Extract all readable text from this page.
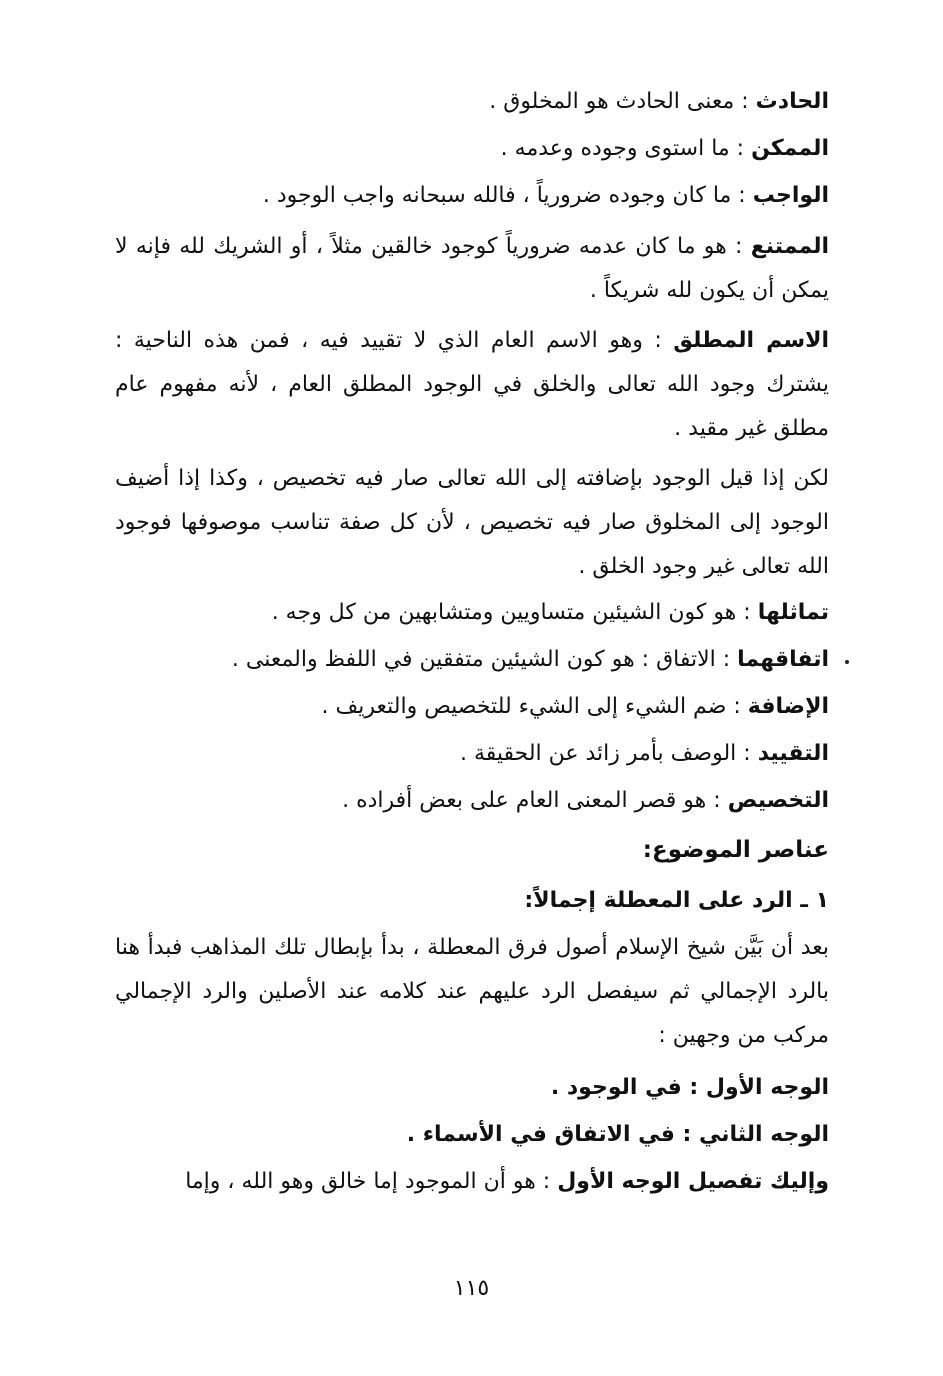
الحادث : معنى الحادث هو المخلوق .

الممكن : ما استوى وجوده وعدمه .

الواجب : ما كان وجوده ضرورياً ، فالله سبحانه واجب الوجود .

الممتنع : هو ما كان عدمه ضرورياً كوجود خالقين مثلاً ، أو الشريك لله فإنه لا يمكن أن يكون لله شريكاً .

الاسم المطلق : وهو الاسم العام الذي لا تقييد فيه ، فمن هذه الناحية : يشترك وجود الله تعالى والخلق في الوجود المطلق العام ، لأنه مفهوم عام مطلق غير مقيد .

لكن إذا قيل الوجود بإضافته إلى الله تعالى صار فيه تخصيص ، وكذا إذا أضيف الوجود إلى المخلوق صار فيه تخصيص ، لأن كل صفة تناسب موصوفها فوجود الله تعالى غير وجود الخلق .

تماثلها : هو كون الشيئين متساويين ومتشابهين من كل وجه .

اتفاقهما : الاتفاق : هو كون الشيئين متفقين في اللفظ والمعنى .

الإضافة : ضم الشيء إلى الشيء للتخصيص والتعريف .

التقييد : الوصف بأمر زائد عن الحقيقة .

التخصيص : هو قصر المعنى العام على بعض أفراده .

عناصر الموضوع:

١ ـ الرد على المعطلة إجمالاً:

بعد أن بَيَّن شيخ الإسلام أصول فرق المعطلة ، بدأ بإبطال تلك المذاهب فبدأ هنا بالرد الإجمالي ثم سيفصل الرد عليهم عند كلامه عند الأصلين والرد الإجمالي مركب من وجهين :

الوجه الأول : في الوجود .

الوجه الثاني : في الاتفاق في الأسماء .

وإليك تفصيل الوجه الأول : هو أن الموجود إما خالق وهو الله ، وإما

١١٥
